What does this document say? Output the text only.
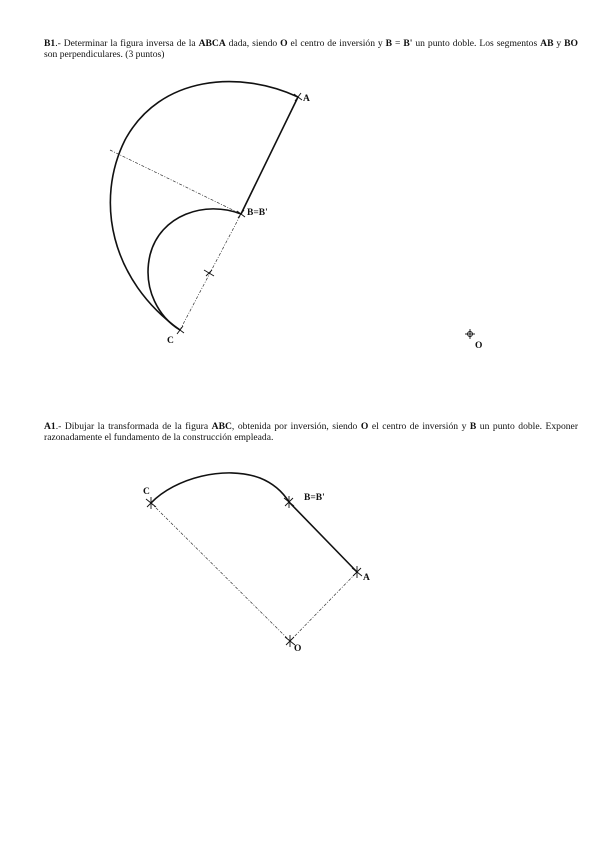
B1.- Determinar la figura inversa de la ABCA dada, siendo O el centro de inversión y B = B' un punto doble. Los segmentos AB y BO son perpendiculares. (3 puntos)

A
B=B'
C	O

A1.- Dibujar la transformada de la figura ABC, obtenida por inversión, siendo O el centro de inversión y B un punto doble. Exponer razonadamente el fundamento de la construcción empleada.

C
B=B'
A
O
